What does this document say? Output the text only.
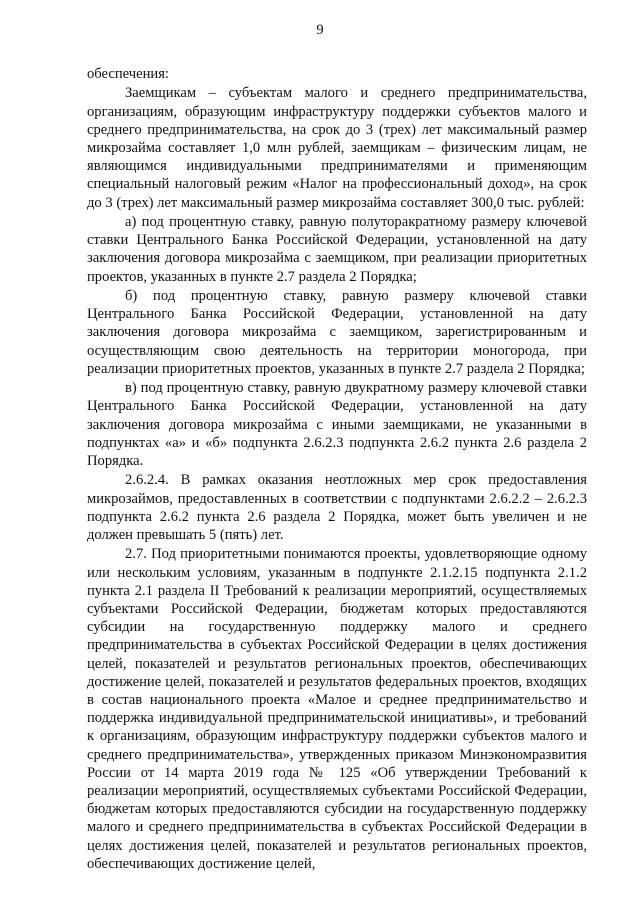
9

обеспечения:

Заемщикам – субъектам малого и среднего предпринимательства, организациям, образующим инфраструктуру поддержки субъектов малого и среднего предпринимательства, на срок до 3 (трех) лет максимальный размер микрозайма составляет 1,0 млн рублей, заемщикам – физическим лицам, не являющимся индивидуальными предпринимателями и применяющим специальный налоговый режим «Налог на профессиональный доход», на срок до 3 (трех) лет максимальный размер микрозайма составляет 300,0 тыс. рублей:

а) под процентную ставку, равную полуторакратному размеру ключевой ставки Центрального Банка Российской Федерации, установленной на дату заключения договора микрозайма с заемщиком, при реализации приоритетных проектов, указанных в пункте 2.7 раздела 2 Порядка;

б) под процентную ставку, равную размеру ключевой ставки Центрального Банка Российской Федерации, установленной на дату заключения договора микрозайма с заемщиком, зарегистрированным и осуществляющим свою деятельность на территории моногорода, при реализации приоритетных проектов, указанных в пункте 2.7 раздела 2 Порядка;

в) под процентную ставку, равную двукратному размеру ключевой ставки Центрального Банка Российской Федерации, установленной на дату заключения договора микрозайма с иными заемщиками, не указанными в подпунктах «а» и «б» подпункта 2.6.2.3 подпункта 2.6.2 пункта 2.6 раздела 2 Порядка.

2.6.2.4. В рамках оказания неотложных мер срок предоставления микрозаймов, предоставленных в соответствии с подпунктами 2.6.2.2 – 2.6.2.3 подпункта 2.6.2 пункта 2.6 раздела 2 Порядка, может быть увеличен и не должен превышать 5 (пять) лет.

2.7. Под приоритетными понимаются проекты, удовлетворяющие одному или нескольким условиям, указанным в подпункте 2.1.2.15 подпункта 2.1.2 пункта 2.1 раздела II Требований к реализации мероприятий, осуществляемых субъектами Российской Федерации, бюджетам которых предоставляются субсидии на государственную поддержку малого и среднего предпринимательства в субъектах Российской Федерации в целях достижения целей, показателей и результатов региональных проектов, обеспечивающих достижение целей, показателей и результатов федеральных проектов, входящих в состав национального проекта «Малое и среднее предпринимательство и поддержка индивидуальной предпринимательской инициативы», и требований к организациям, образующим инфраструктуру поддержки субъектов малого и среднего предпринимательства», утвержденных приказом Минэкономразвития России от 14 марта 2019 года № 125 «Об утверждении Требований к реализации мероприятий, осуществляемых субъектами Российской Федерации, бюджетам которых предоставляются субсидии на государственную поддержку малого и среднего предпринимательства в субъектах Российской Федерации в целях достижения целей, показателей и результатов региональных проектов, обеспечивающих достижение целей,
